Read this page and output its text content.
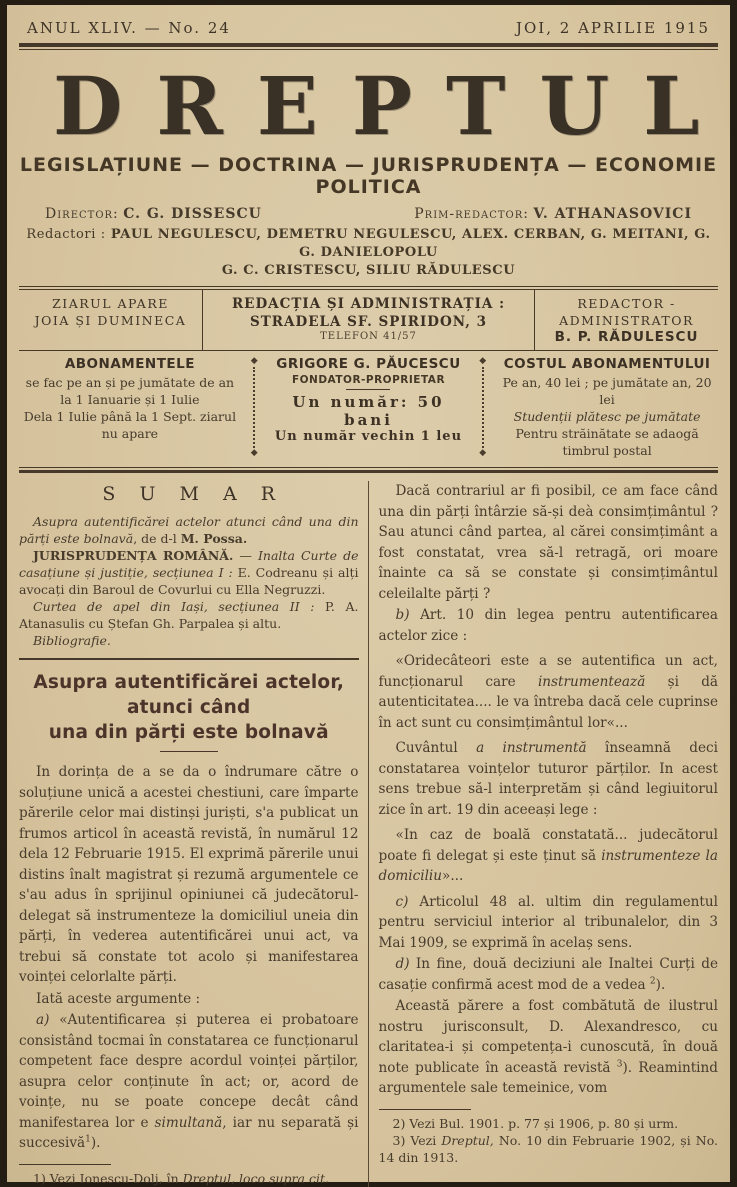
ANUL XLIV. — No. 24	JOI, 2 APRILIE 1915
DREPTUL
LEGISLAȚIUNE — DOCTRINA — JURISPRUDENȚA — ECONOMIE POLITICA
Director: C. G. DISSESCU	Prim-redactor: V. ATHANASOVICI
Redactori : PAUL NEGULESCU, DEMETRU NEGULESCU, ALEX. CERBAN, G. MEITANI, G. G. DANIELOPOLU
G. C. CRISTESCU, SILIU RĂDULESCU
ZIARUL APARE
JOIA ȘI DUMINECA
REDACȚIA ȘI ADMINISTRAȚIA : STRADELA SF. SPIRIDON, 3
TELEFON 41/57
REDACTOR - ADMINISTRATOR
B. P. RĂDULESCU
ABONAMENTELE
se fac pe an și pe jumătate de an
la 1 Ianuarie și 1 Iulie
Dela 1 Iulie până la 1 Sept. ziarul nu apare
◆
◆
GRIGORE G. PĂUCESCU
FONDATOR-PROPRIETAR
Un număr: 50 bani
Un număr vechin 1 leu
◆
◆
COSTUL ABONAMENTULUI
Pe an, 40 lei ; pe jumătate an, 20 lei
Studenții plătesc pe jumătate
Pentru străinătate se adaogă timbrul postal
S U M A R

Asupra autentificărei actelor atunci când una din părți este bolnavă, de d-l M. Possa.

JURISPRUDENȚA ROMÂNĂ. — Inalta Curte de casațiune și justiție, secțiunea I : E. Codreanu și alți avocați din Baroul de Covurlui cu Ella Negruzzi.

Curtea de apel din Iași, secțiunea II : P. A. Atanasulis cu Ștefan Gh. Parpalea și altu.

Bibliografie.

Asupra autentificărei actelor, atunci când
una din părți este bolnavă

In dorința de a se da o îndrumare către o soluțiune unică a acestei chestiuni, care împarte părerile celor mai distinși juriști, s'a publicat un frumos articol în această revistă, în numărul 12 dela 12 Februarie 1915. El exprimă părerile unui distins înalt magistrat și rezumă argumentele ce s'au adus în sprijinul opiniunei că judecătorul-delegat să instrumenteze la domiciliul uneia din părți, în vederea autentificărei unui act, va trebui să constate tot acolo și manifestarea voinței celorlalte părți.

Iată aceste argumente :

a) «Autentificarea și puterea ei probatoare consistând tocmai în constatarea ce funcționarul competent face despre acordul voinței părților, asupra celor conținute în act; or, acord de voințe, nu se poate concepe decât când manifestarea lor e simultană, iar nu separată și succesivă$^1$).

1) Vezi Ionescu-Dolj, în Dreptul, loco supra cit.

Dacă contrariul ar fi posibil, ce am face când una din părți întârzie să-și deà consimțimântul ? Sau atunci când partea, al cărei consimțimânt a fost constatat, vrea să-l retragă, ori moare înainte ca să se constate și consimțimântul celeilalte părți ?

b) Art. 10 din legea pentru autentificarea actelor zice :

«Oridecâteori este a se autentifica un act, funcționarul care instrumentează și dă autenticitatea.... le va întreba dacă cele cuprinse în act sunt cu consimțimântul lor«...

Cuvântul a instrumentă înseamnă deci constatarea voințelor tuturor părților. In acest sens trebue să-l interpretăm și când legiuitorul zice în art. 19 din aceeași lege :

«In caz de boală constatată... judecătorul poate fi delegat și este ținut să instrumenteze la domiciliu»...

c) Articolul 48 al. ultim din regulamentul pentru serviciul interior al tribunalelor, din 3 Mai 1909, se exprimă în acelaș sens.

d) In fine, două deciziuni ale Inaltei Curți de casație confirmă acest mod de a vedea $^2$).

Această părere a fost combătută de ilustrul nostru jurisconsult, D. Alexandresco, cu claritatea-i și competența-i cunoscută, în două note publicate în această revistă $^3$). Reamintind argumentele sale temeinice, vom

2) Vezi Bul. 1901. p. 77 și 1906, p. 80 și urm.

3) Vezi Dreptul, No. 10 din Februarie 1902, și No. 14 din 1913.
